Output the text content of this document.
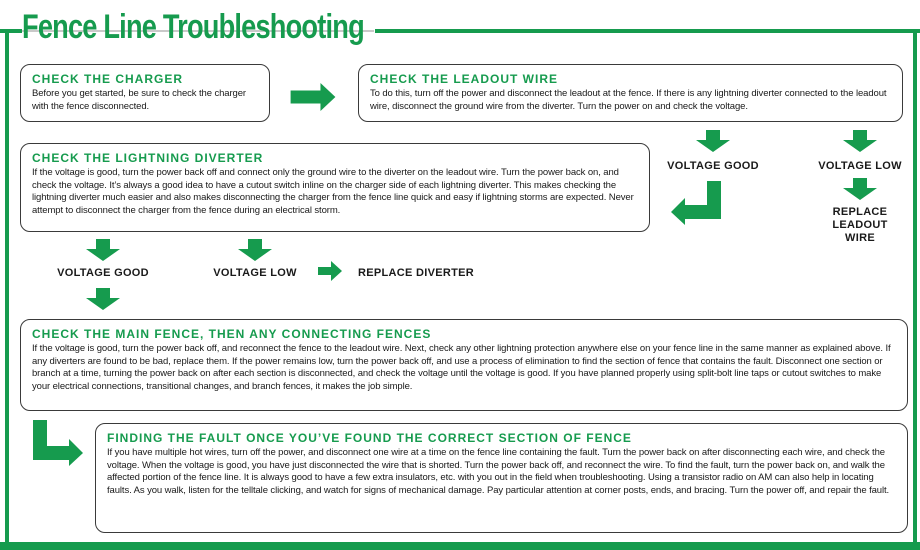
Fence Line Troubleshooting
CHECK THE CHARGER
Before you get started, be sure to check the charger with the fence disconnected.
CHECK THE LEADOUT WIRE
To do this, turn off the power and disconnect the leadout at the fence. If there is any lightning diverter connected to the leadout wire, disconnect the ground wire from the diverter. Turn the power on and check the voltage.
VOLTAGE GOOD	VOLTAGE LOW
REPLACE LEADOUT WIRE
CHECK THE LIGHTNING DIVERTER
If the voltage is good, turn the power back off and connect only the ground wire to the diverter on the leadout wire. Turn the power back on, and check the voltage. It’s always a good idea to have a cutout switch inline on the charger side of each lightning diverter. This makes checking the lightning diverter much easier and also makes disconnecting the charger from the fence line quick and easy if lightning storms are expected. Never attempt to disconnect the charger from the fence during an electrical storm.
VOLTAGE GOOD	VOLTAGE LOW	REPLACE DIVERTER
CHECK THE MAIN FENCE, THEN ANY CONNECTING FENCES
If the voltage is good, turn the power back off, and reconnect the fence to the leadout wire. Next, check any other lightning protection anywhere else on your fence line in the same manner as explained above. If any diverters are found to be bad, replace them. If the power remains low, turn the power back off, and use a process of elimination to find the section of fence that contains the fault. Disconnect one section or branch at a time, turning the power back on after each section is disconnected, and check the voltage until the voltage is good. If you have planned properly using split-bolt line taps or cutout switches to make your electrical connections, transitional changes, and branch fences, it makes the job simple.
FINDING THE FAULT ONCE YOU’VE FOUND THE CORRECT SECTION OF FENCE
If you have multiple hot wires, turn off the power, and disconnect one wire at a time on the fence line containing the fault. Turn the power back on after disconnecting each wire, and check the voltage. When the voltage is good, you have just disconnected the wire that is shorted. Turn the power back off, and reconnect the wire. To find the fault, turn the power back on, and walk the affected portion of the fence line. It is always good to have a few extra insulators, etc. with you out in the field when troubleshooting. Using a transistor radio on AM can also help in locating faults. As you walk, listen for the telltale clicking, and watch for signs of mechanical damage. Pay particular attention at corner posts, ends, and bracing. Turn the power off, and repair the fault.
